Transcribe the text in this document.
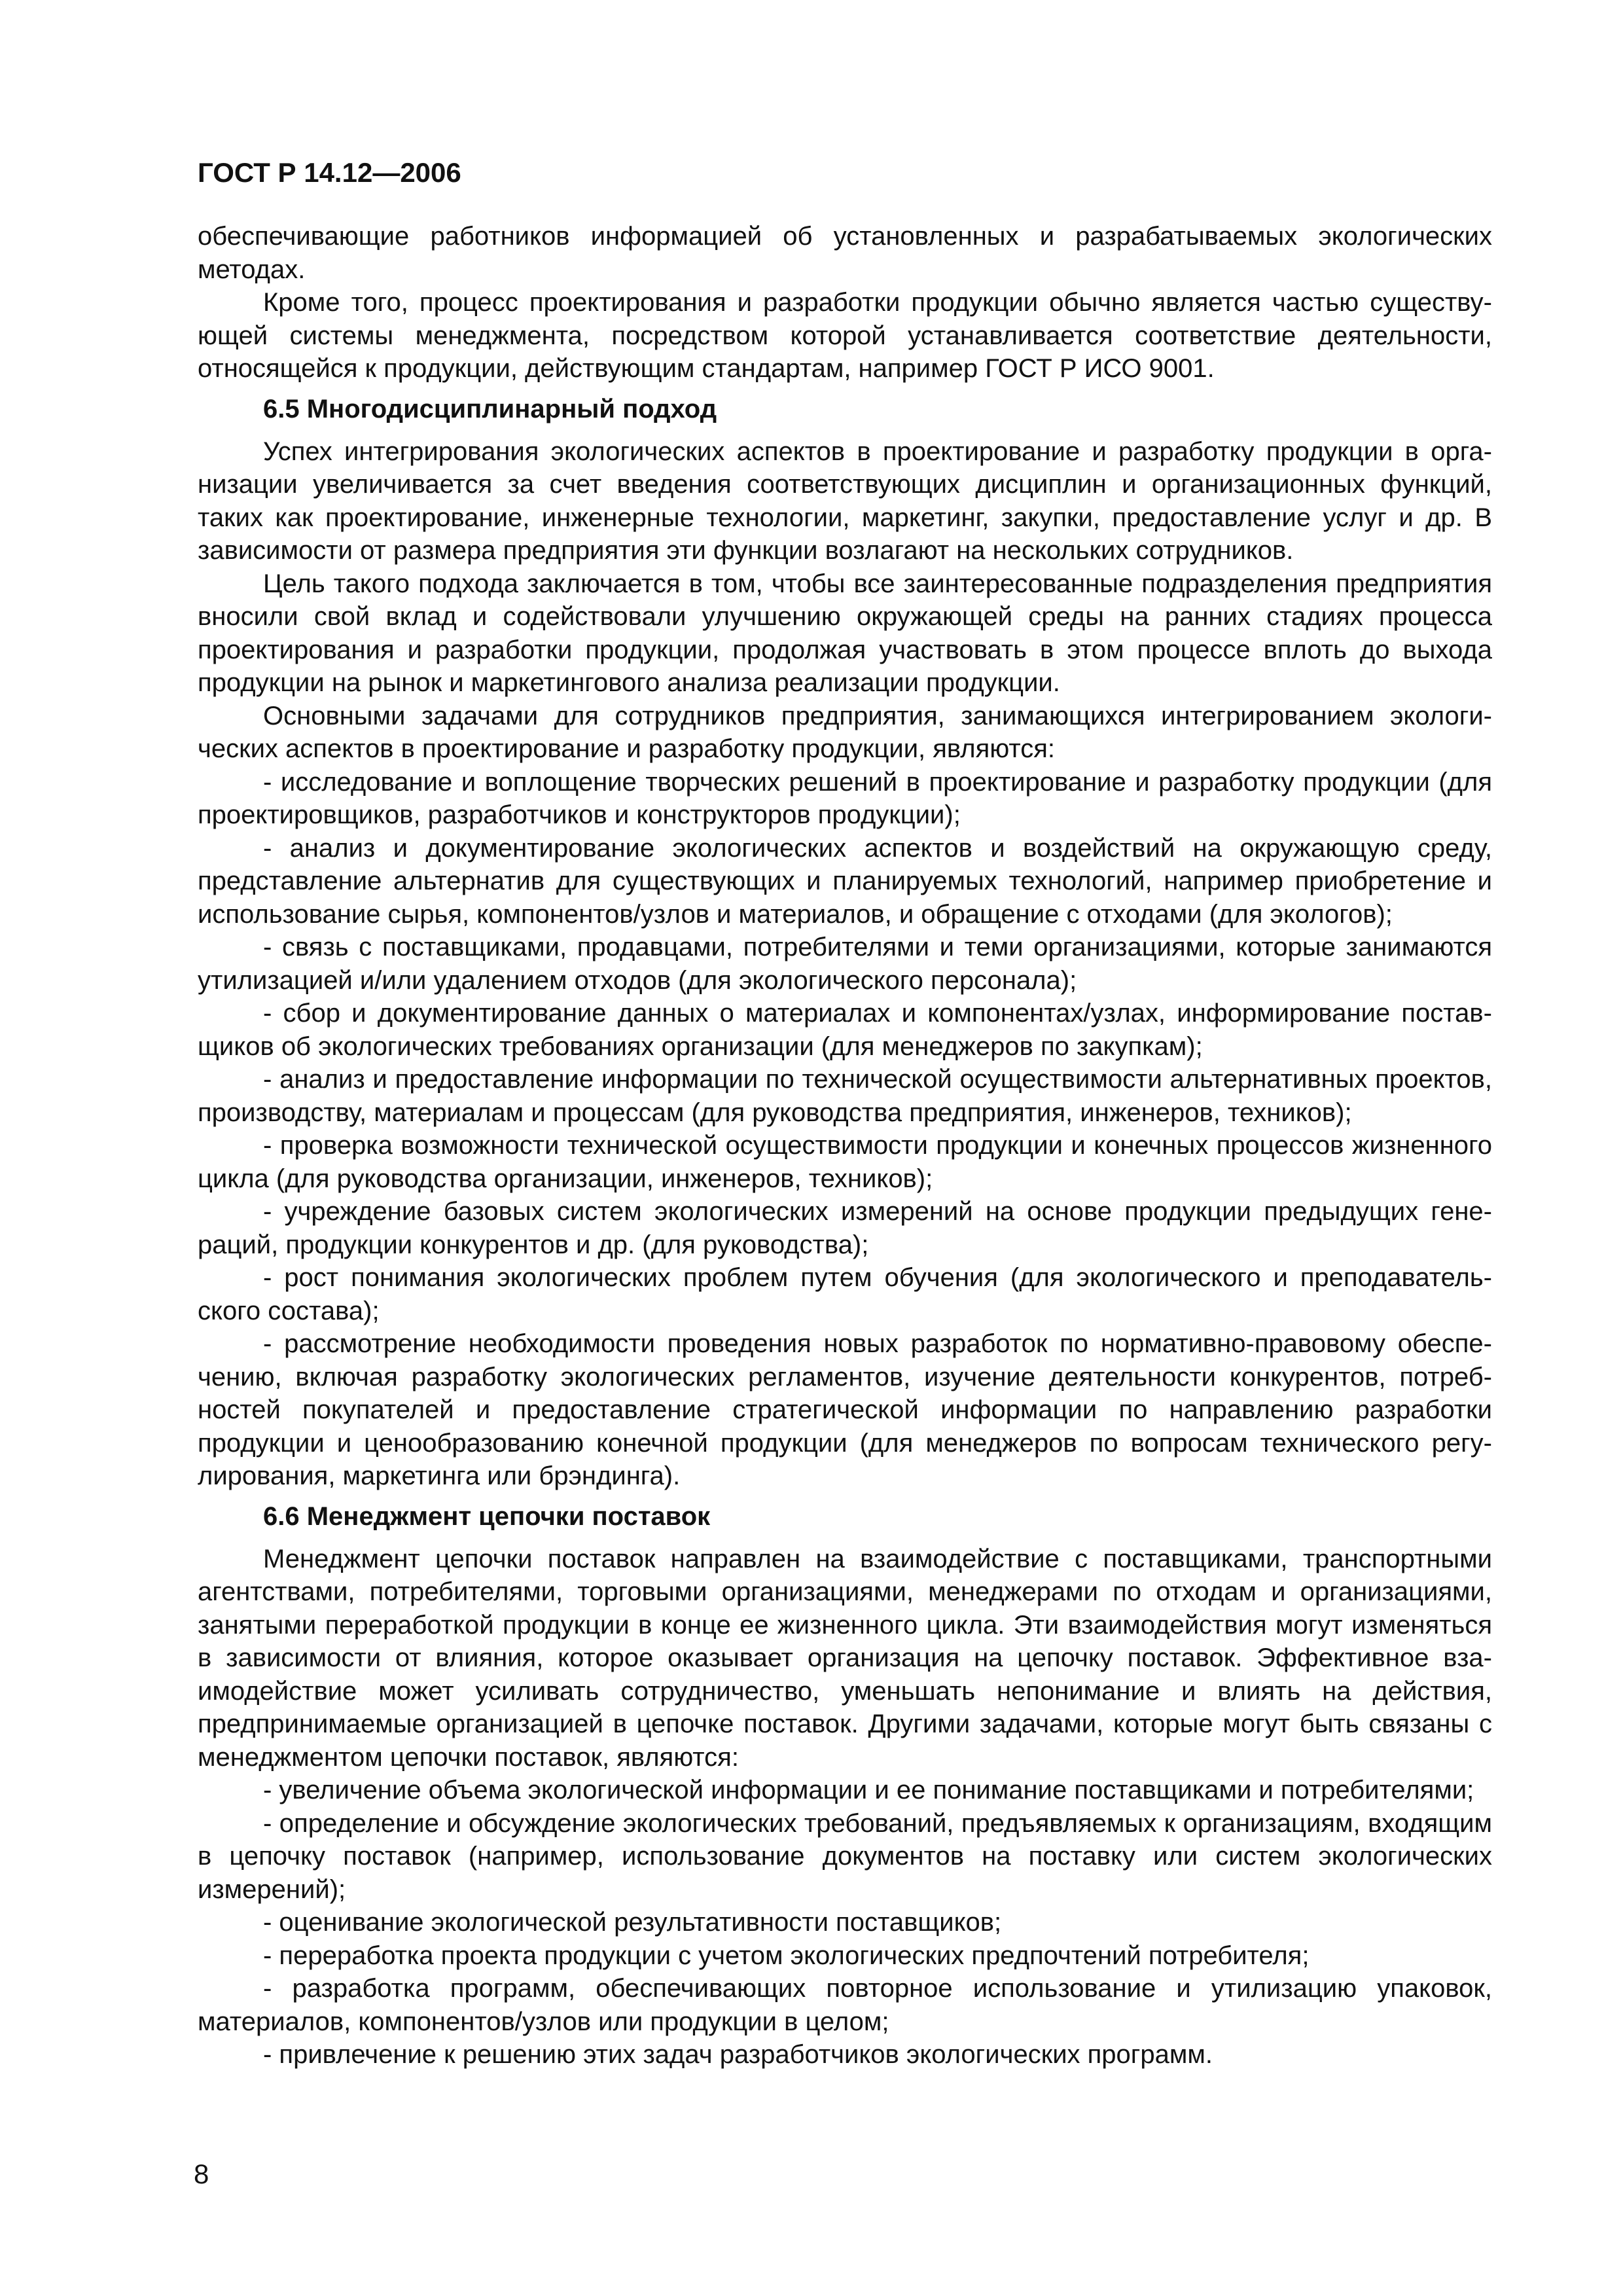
ГОСТ Р 14.12—2006

обеспечивающие работников информацией об установленных и разрабатываемых экологических методах.

Кроме того, процесс проектирования и разработки продукции обычно является частью существующей системы менеджмента, посредством которой устанавливается соответствие деятельности, относящейся к продукции, действующим стандартам, например ГОСТ Р ИСО 9001.

6.5 Многодисциплинарный подход

Успех интегрирования экологических аспектов в проектирование и разработку продукции в организации увеличивается за счет введения соответствующих дисциплин и организационных функций, таких как проектирование, инженерные технологии, маркетинг, закупки, предоставление услуг и др. В зависимости от размера предприятия эти функции возлагают на нескольких сотрудников.

Цель такого подхода заключается в том, чтобы все заинтересованные подразделения предприятия вносили свой вклад и содействовали улучшению окружающей среды на ранних стадиях процесса проектирования и разработки продукции, продолжая участвовать в этом процессе вплоть до выхода продукции на рынок и маркетингового анализа реализации продукции.

Основными задачами для сотрудников предприятия, занимающихся интегрированием экологических аспектов в проектирование и разработку продукции, являются:

- исследование и воплощение творческих решений в проектирование и разработку продукции (для проектировщиков, разработчиков и конструкторов продукции);

- анализ и документирование экологических аспектов и воздействий на окружающую среду, представление альтернатив для существующих и планируемых технологий, например приобретение и использование сырья, компонентов/узлов и материалов, и обращение с отходами (для экологов);

- связь с поставщиками, продавцами, потребителями и теми организациями, которые занимаются утилизацией и/или удалением отходов (для экологического персонала);

- сбор и документирование данных о материалах и компонентах/узлах, информирование поставщиков об экологических требованиях организации (для менеджеров по закупкам);

- анализ и предоставление информации по технической осуществимости альтернативных проектов, производству, материалам и процессам (для руководства предприятия, инженеров, техников);

- проверка возможности технической осуществимости продукции и конечных процессов жизненного цикла (для руководства организации, инженеров, техников);

- учреждение базовых систем экологических измерений на основе продукции предыдущих генераций, продукции конкурентов и др. (для руководства);

- рост понимания экологических проблем путем обучения (для экологического и преподавательского состава);

- рассмотрение необходимости проведения новых разработок по нормативно-правовому обеспечению, включая разработку экологических регламентов, изучение деятельности конкурентов, потребностей покупателей и предоставление стратегической информации по направлению разработки продукции и ценообразованию конечной продукции (для менеджеров по вопросам технического регулирования, маркетинга или брэндинга).

6.6 Менеджмент цепочки поставок

Менеджмент цепочки поставок направлен на взаимодействие с поставщиками, транспортными агентствами, потребителями, торговыми организациями, менеджерами по отходам и организациями, занятыми переработкой продукции в конце ее жизненного цикла. Эти взаимодействия могут изменяться в зависимости от влияния, которое оказывает организация на цепочку поставок. Эффективное взаимодействие может усиливать сотрудничество, уменьшать непонимание и влиять на действия, предпринимаемые организацией в цепочке поставок. Другими задачами, которые могут быть связаны с менеджментом цепочки поставок, являются:

- увеличение объема экологической информации и ее понимание поставщиками и потребителями;

- определение и обсуждение экологических требований, предъявляемых к организациям, входящим в цепочку поставок (например, использование документов на поставку или систем экологических измерений);

- оценивание экологической результативности поставщиков;

- переработка проекта продукции с учетом экологических предпочтений потребителя;

- разработка программ, обеспечивающих повторное использование и утилизацию упаковок, материалов, компонентов/узлов или продукции в целом;

- привлечение к решению этих задач разработчиков экологических программ.

8
